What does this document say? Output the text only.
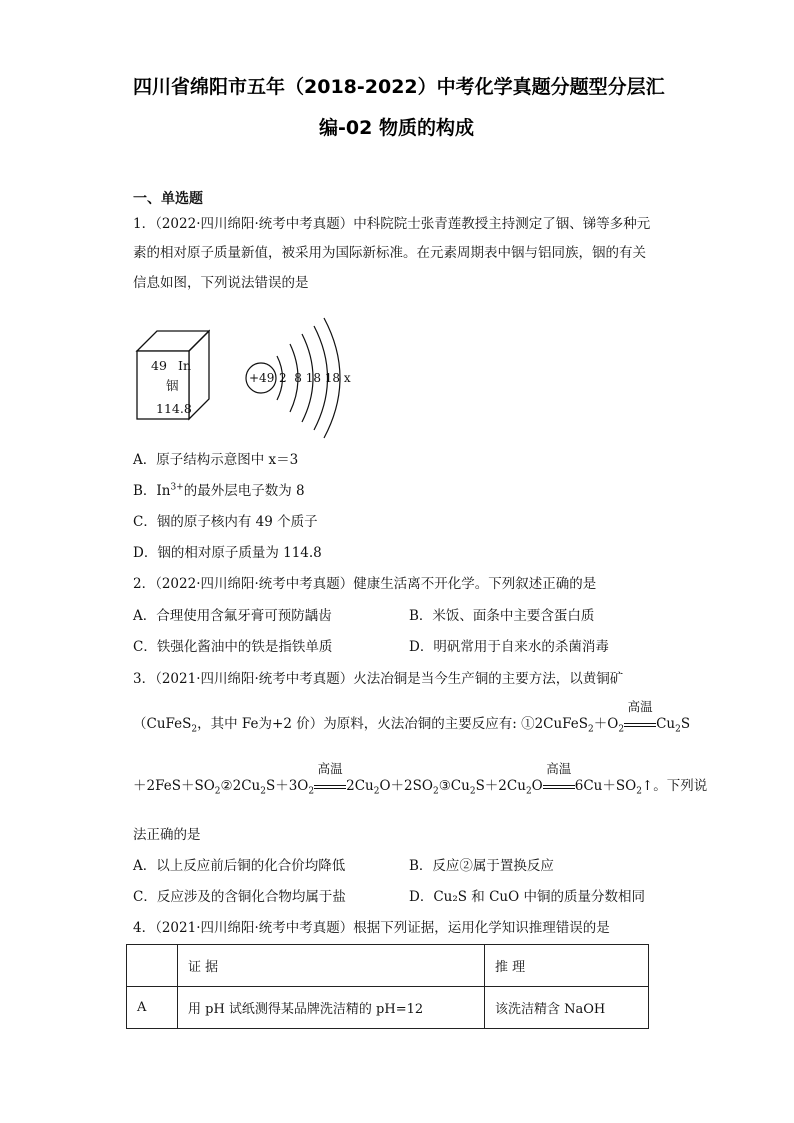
四川省绵阳市五年（2018-2022）中考化学真题分题型分层汇
编-02 物质的构成
一、单选题
1．（2022·四川绵阳·统考中考真题）中科院院士张青莲教授主持测定了铟、锑等多种元
素的相对原子质量新值，被采用为国际新标准。在元素周期表中铟与铝同族，铟的有关
信息如图，下列说法错误的是
49 In
铟
114.8
+49 2  8 18 18 x
A．原子结构示意图中 x＝3
B．$In^{3+}$的最外层电子数为 8
C．铟的原子核内有 49 个质子
D．铟的相对原子质量为 114.8
2．（2022·四川绵阳·统考中考真题）健康生活离不开化学。下列叙述正确的是
A．合理使用含氟牙膏可预防龋齿	B．米饭、面条中主要含蛋白质
C．铁强化酱油中的铁是指铁单质	D．明矾常用于自来水的杀菌消毒
3．（2021·四川绵阳·统考中考真题）火法冶铜是当今生产铜的主要方法，以黄铜矿
（CuFeS$_2$，其中 Fe为+2 价）为原料，火法冶铜的主要反应有: $①2CuFeS_2+O_2$
高温
$Cu_2S$
$+2FeS+SO_2②2Cu_2S+3O_2$
高温
$2Cu_2O+2SO_2③Cu_2S+2Cu_2O$
高温
$6Cu+SO_2↑$。下列说
法正确的是
A．以上反应前后铜的化合价均降低	B．反应②属于置换反应
C．反应涉及的含铜化合物均属于盐	D．Cu₂S 和 CuO 中铜的质量分数相同
4．（2021·四川绵阳·统考中考真题）根据下列证据，运用化学知识推理错误的是
	证 据	推 理
A	用 pH 试纸测得某品牌洗洁精的 pH=12	该洗洁精含 NaOH
